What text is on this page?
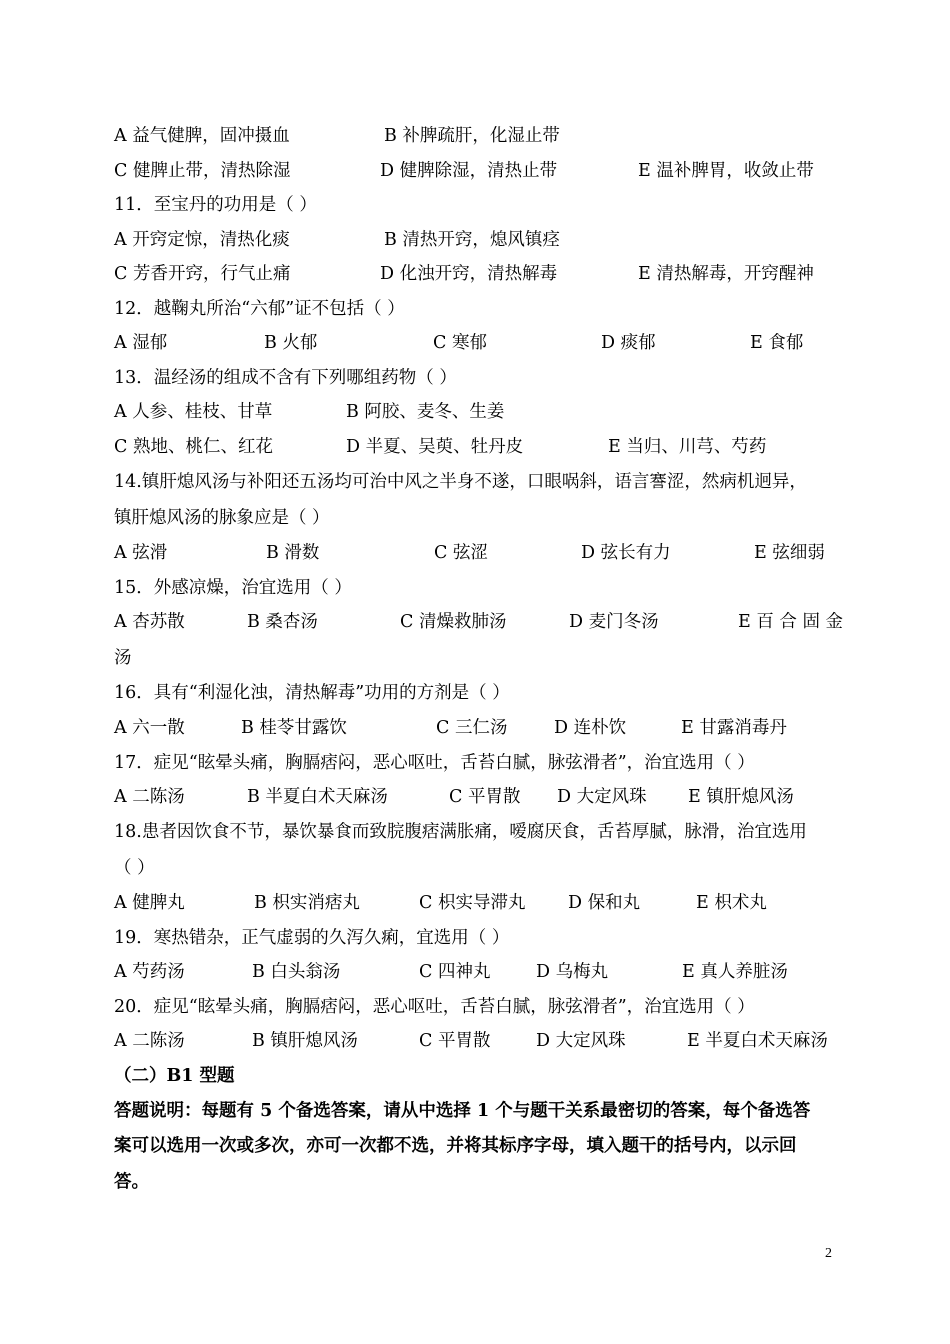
A 益气健脾，固冲摄血	B 补脾疏肝，化湿止带
C 健脾止带，清热除湿	D 健脾除湿，清热止带	E 温补脾胃，收敛止带
11．至宝丹的功用是（ ）
A 开窍定惊，清热化痰	B 清热开窍，熄风镇痉
C 芳香开窍，行气止痛	D 化浊开窍，清热解毒	E 清热解毒，开窍醒神
12．越鞠丸所治“六郁”证不包括（ ）
A 湿郁	B 火郁	C 寒郁	D 痰郁	E 食郁
13．温经汤的组成不含有下列哪组药物（ ）
A 人参、桂枝、甘草	B 阿胶、麦冬、生姜
C 熟地、桃仁、红花	D 半夏、吴萸、牡丹皮	E 当归、川芎、芍药
14.镇肝熄风汤与补阳还五汤均可治中风之半身不遂，口眼㖞斜，语言謇涩，然病机迥异，
镇肝熄风汤的脉象应是（ ）
A 弦滑	B 滑数	C 弦涩	D 弦长有力	E 弦细弱
15．外感凉燥，治宜选用（ ）
A 杏苏散	B 桑杏汤	C 清燥救肺汤	D 麦门冬汤	E 百 合 固 金
汤
16．具有“利湿化浊，清热解毒”功用的方剂是（ ）
A 六一散	B 桂苓甘露饮	C 三仁汤	D 连朴饮	E 甘露消毒丹
17．症见“眩晕头痛，胸膈痞闷，恶心呕吐，舌苔白腻，脉弦滑者”，治宜选用（ ）
A 二陈汤	B 半夏白术天麻汤	C 平胃散 D 大定风珠 E 镇肝熄风汤
18.患者因饮食不节，暴饮暴食而致脘腹痞满胀痛，嗳腐厌食，舌苔厚腻，脉滑，治宜选用
（ ）
A 健脾丸	B 枳实消痞丸	C 枳实导滞丸 D 保和丸	E 枳术丸
19．寒热错杂，正气虚弱的久泻久痢，宜选用（ ）
A 芍药汤	B 白头翁汤	C 四神丸	D 乌梅丸	E 真人养脏汤
20．症见“眩晕头痛，胸膈痞闷，恶心呕吐，舌苔白腻，脉弦滑者”，治宜选用（ ）
A 二陈汤	B 镇肝熄风汤	C 平胃散	D 大定风珠	E 半夏白术天麻汤
（二）B1 型题
答题说明：每题有 5 个备选答案，请从中选择 1 个与题干关系最密切的答案，每个备选答
案可以选用一次或多次，亦可一次都不选，并将其标序字母，填入题干的括号内，以示回
答。
2
